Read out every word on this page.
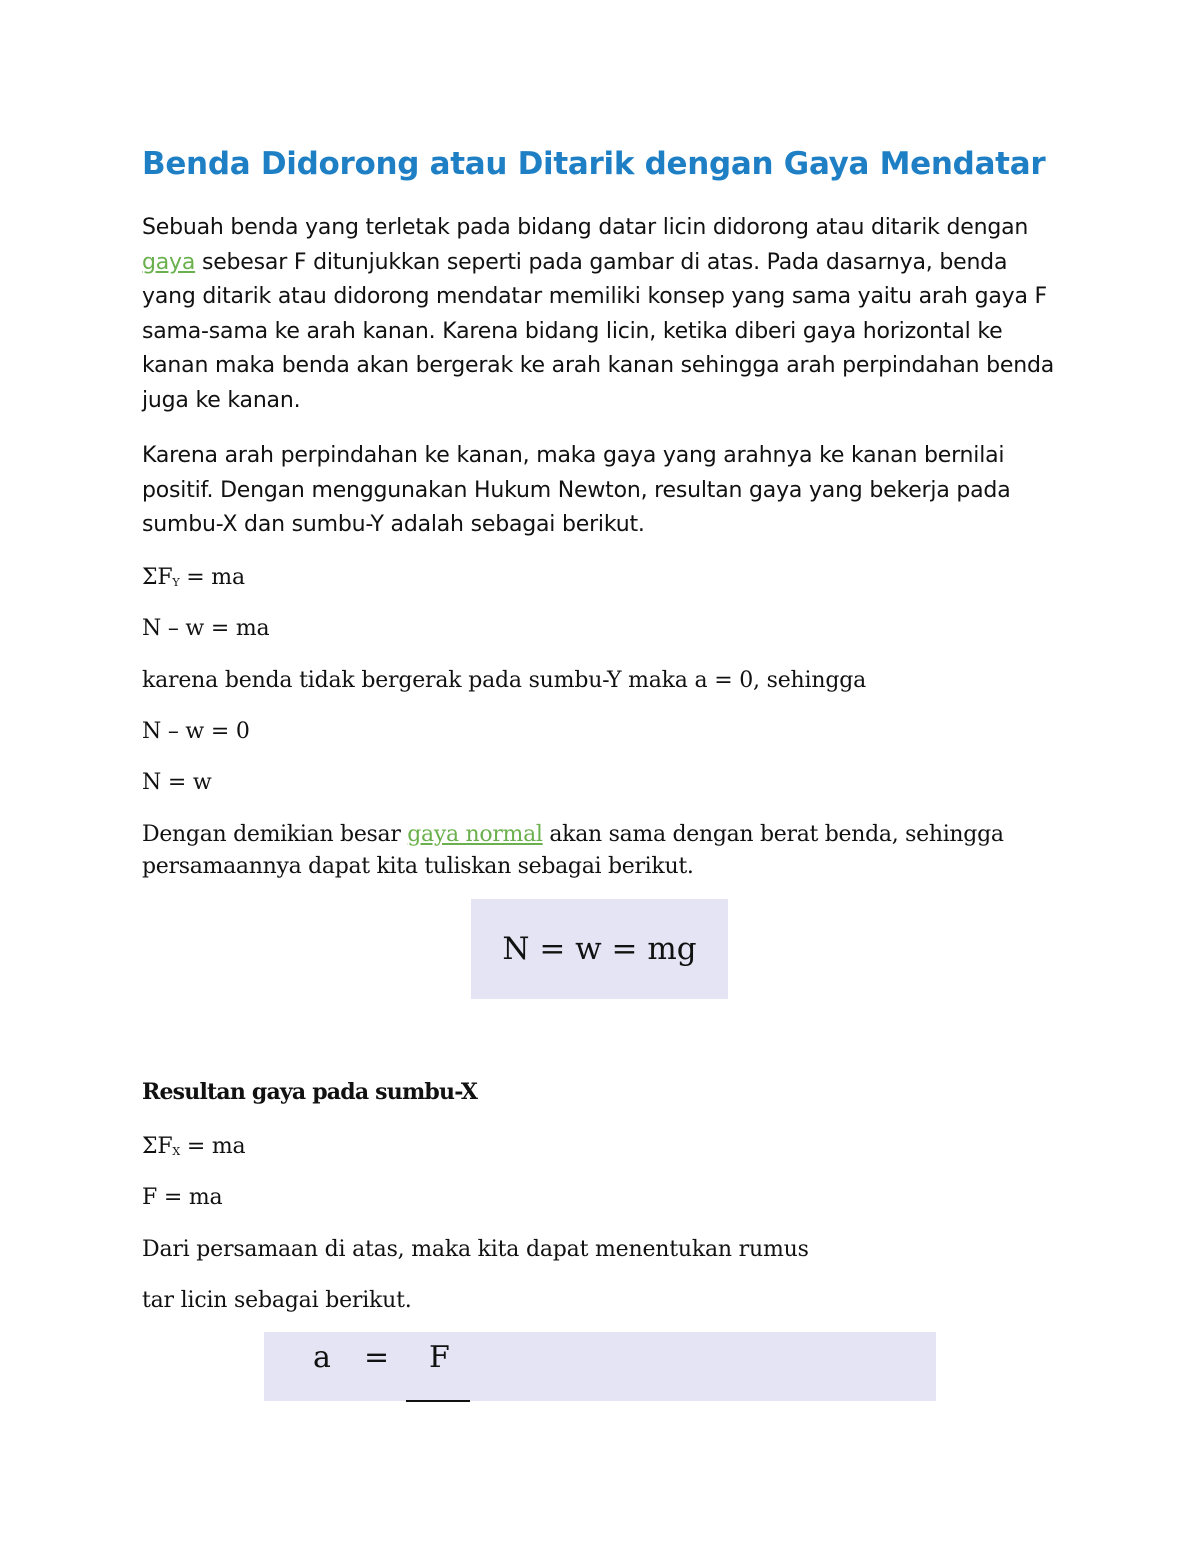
Benda Didorong atau Ditarik dengan Gaya Mendatar

Sebuah benda yang terletak pada bidang datar licin didorong atau ditarik dengan gaya sebesar F ditunjukkan seperti pada gambar di atas. Pada dasarnya, benda yang ditarik atau didorong mendatar memiliki konsep yang sama yaitu arah gaya F sama-sama ke arah kanan. Karena bidang licin, ketika diberi gaya horizontal ke kanan maka benda akan bergerak ke arah kanan sehingga arah perpindahan benda juga ke kanan.

Karena arah perpindahan ke kanan, maka gaya yang arahnya ke kanan bernilai positif. Dengan menggunakan Hukum Newton, resultan gaya yang bekerja pada sumbu-X dan sumbu-Y adalah sebagai berikut.

ΣFY = ma

N – w = ma

karena benda tidak bergerak pada sumbu-Y maka a = 0, sehingga

N – w = 0

N = w

Dengan demikian besar gaya normal akan sama dengan berat benda, sehingga persamaannya dapat kita tuliskan sebagai berikut.

N = w = mg
Resultan gaya pada sumbu-X

ΣFX = ma

F = ma

Dari persamaan di atas, maka kita dapat menentukan rumus

tar licin sebagai berikut.

a = F
